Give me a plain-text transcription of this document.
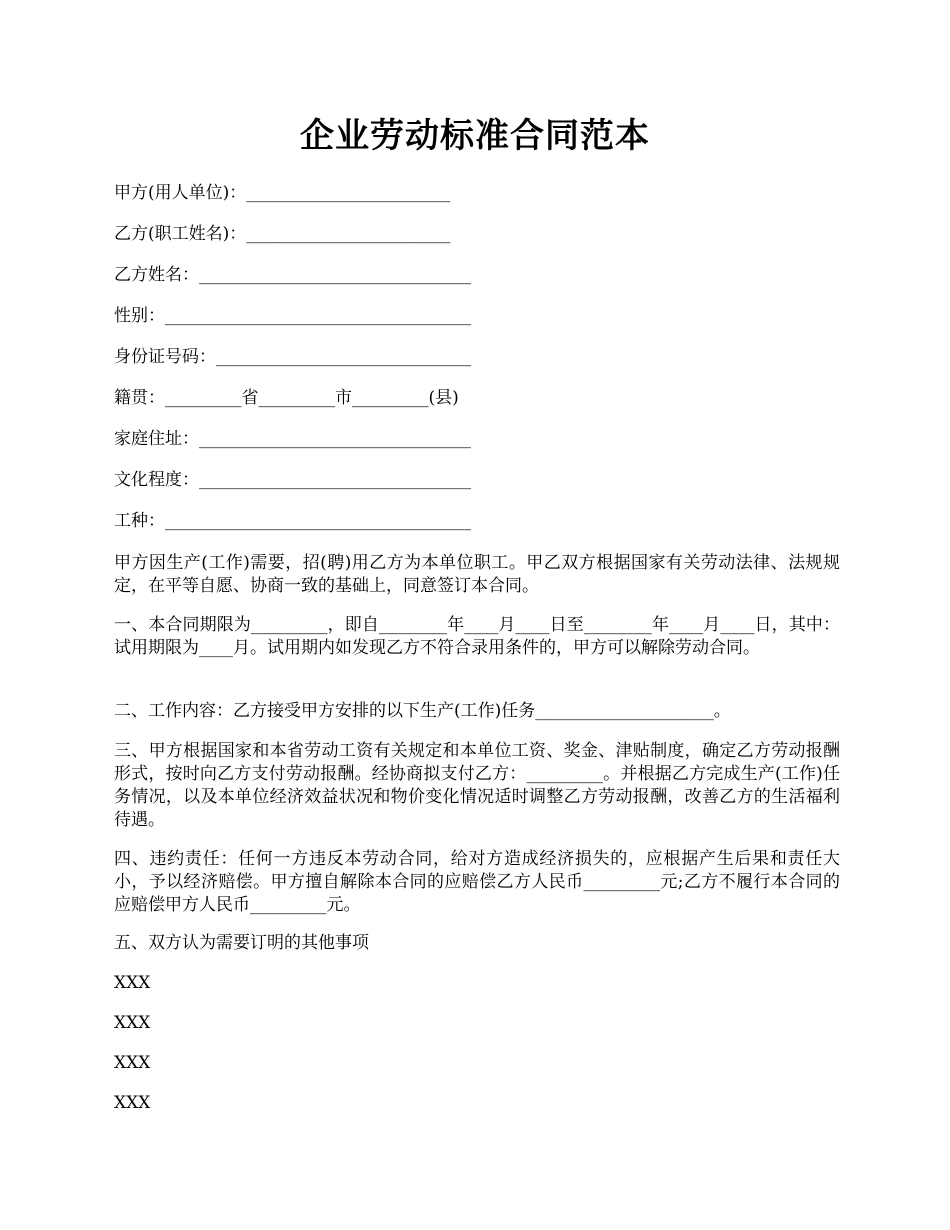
企业劳动标准合同范本

甲方(用人单位)：________________________

乙方(职工姓名)：________________________

乙方姓名：________________________________

性别：____________________________________

身份证号码：______________________________

籍贯：_________省_________市_________(县)

家庭住址：________________________________

文化程度：________________________________

工种：____________________________________

甲方因生产(工作)需要，招(聘)用乙方为本单位职工。甲乙双方根据国家有关劳动法律、法规规定，在平等自愿、协商一致的基础上，同意签订本合同。

一、本合同期限为_________，即自________年____月____日至________年____月____日，其中：试用期限为____月。试用期内如发现乙方不符合录用条件的，甲方可以解除劳动合同。

二、工作内容：乙方接受甲方安排的以下生产(工作)任务_____________________。

三、甲方根据国家和本省劳动工资有关规定和本单位工资、奖金、津贴制度，确定乙方劳动报酬形式，按时向乙方支付劳动报酬。经协商拟支付乙方：_________。并根据乙方完成生产(工作)任务情况，以及本单位经济效益状况和物价变化情况适时调整乙方劳动报酬，改善乙方的生活福利待遇。

四、违约责任：任何一方违反本劳动合同，给对方造成经济损失的，应根据产生后果和责任大小，予以经济赔偿。甲方擅自解除本合同的应赔偿乙方人民币_________元;乙方不履行本合同的应赔偿甲方人民币_________元。

五、双方认为需要订明的其他事项

XXX

XXX

XXX

XXX
